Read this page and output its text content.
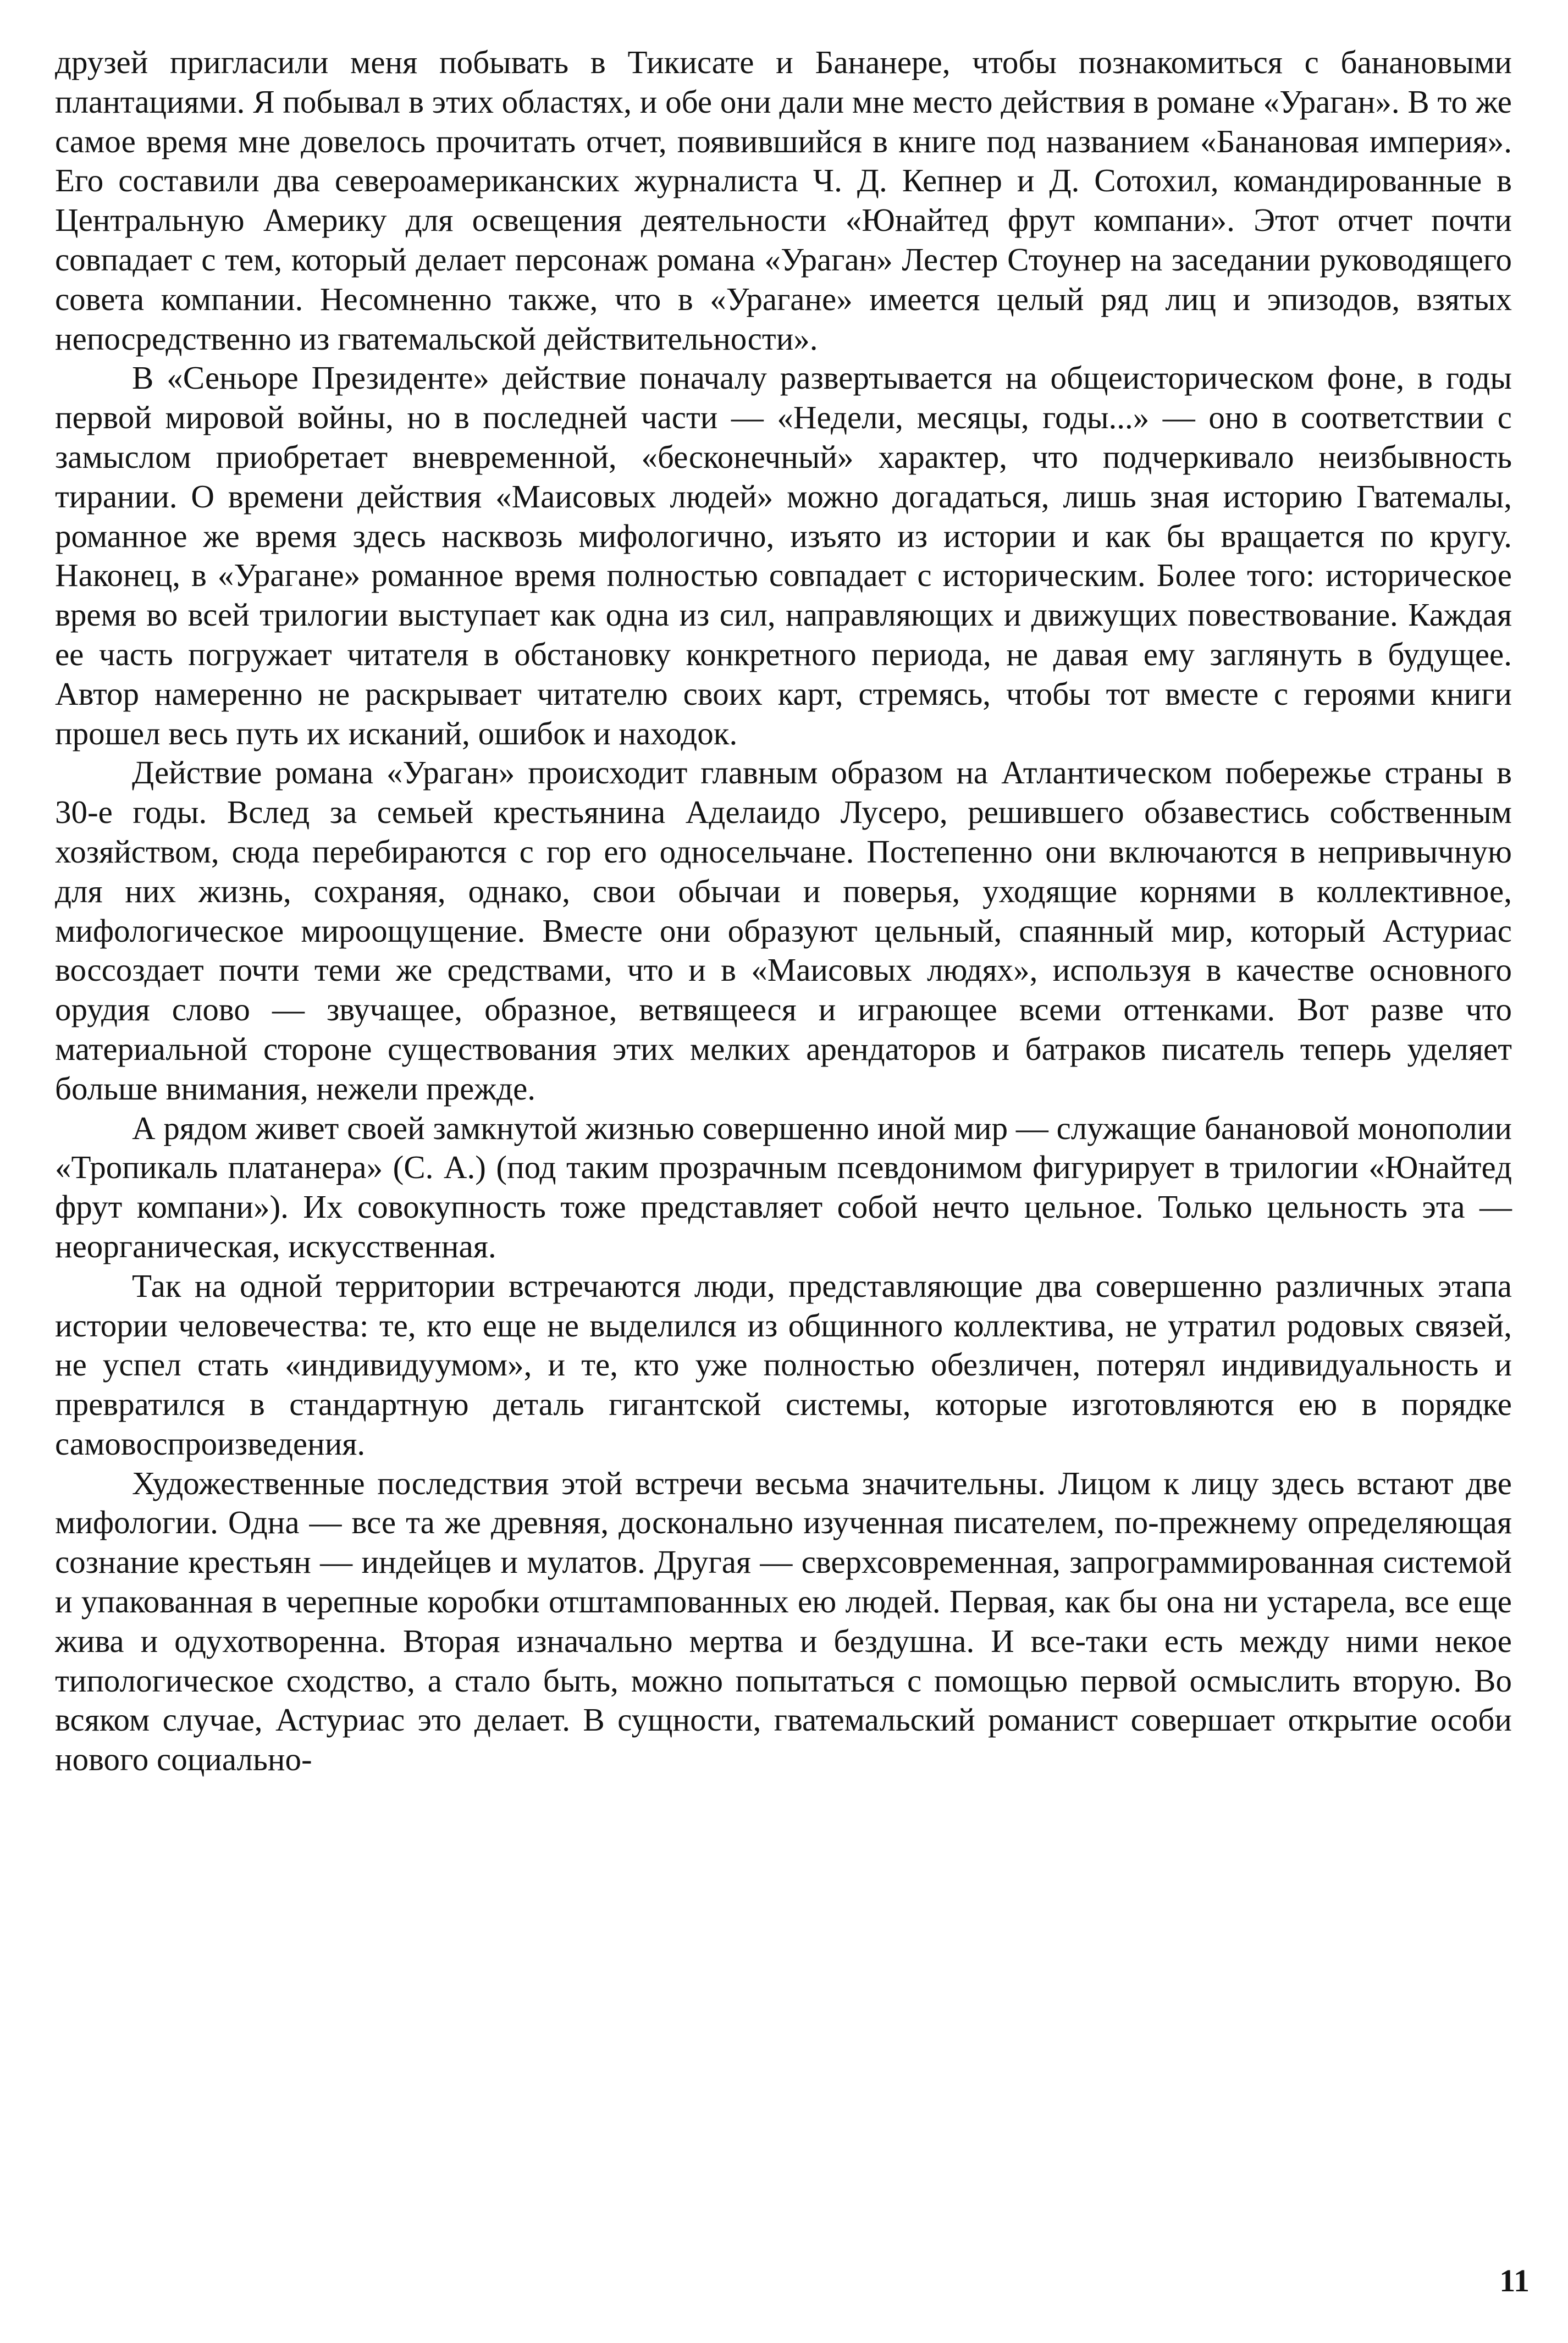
друзей пригласили меня побывать в Тикисате и Бананере, чтобы познакомиться с банановыми плантациями. Я побывал в этих областях, и обе они дали мне место действия в романе «Ураган». В то же самое время мне довелось прочитать отчет, появившийся в книге под названием «Банановая империя». Его составили два североамериканских журналиста Ч. Д. Кепнер и Д. Сотохил, командированные в Центральную Америку для освещения деятельности «Юнайтед фрут компани». Этот отчет почти совпадает с тем, который делает персонаж романа «Ураган» Лестер Стоунер на заседании руководящего совета компании. Несомненно также, что в «Урагане» имеется целый ряд лиц и эпизодов, взятых непосредственно из гватемальской действительности».

В «Сеньоре Президенте» действие поначалу развертывается на общеисторическом фоне, в годы первой мировой войны, но в последней части — «Недели, месяцы, годы...» — оно в соответствии с замыслом приобретает вневременной, «бесконечный» характер, что подчеркивало неизбывность тирании. О времени действия «Маисовых людей» можно догадаться, лишь зная историю Гватемалы, романное же время здесь насквозь мифологично, изъято из истории и как бы вращается по кругу. Наконец, в «Урагане» романное время полностью совпадает с историческим. Более того: историческое время во всей трилогии выступает как одна из сил, направляющих и движущих повествование. Каждая ее часть погружает читателя в обстановку конкретного периода, не давая ему заглянуть в будущее. Автор намеренно не раскрывает читателю своих карт, стремясь, чтобы тот вместе с героями книги прошел весь путь их исканий, ошибок и находок.

Действие романа «Ураган» происходит главным образом на Атлантическом побережье страны в 30-е годы. Вслед за семьей крестьянина Аделаидо Лусеро, решившего обзавестись собственным хозяйством, сюда перебираются с гор его односельчане. Постепенно они включаются в непривычную для них жизнь, сохраняя, однако, свои обычаи и поверья, уходящие корнями в коллективное, мифологическое мироощущение. Вместе они образуют цельный, спаянный мир, который Астуриас воссоздает почти теми же средствами, что и в «Маисовых людях», используя в качестве основного орудия слово — звучащее, образное, ветвящееся и играющее всеми оттенками. Вот разве что материальной стороне существования этих мелких арендаторов и батраков писатель теперь уделяет больше внимания, нежели прежде.

А рядом живет своей замкнутой жизнью совершенно иной мир — служащие банановой монополии «Тропикаль платанера» (С. А.) (под таким прозрачным псевдонимом фигурирует в трилогии «Юнайтед фрут компани»). Их совокупность тоже представляет собой нечто цельное. Только цельность эта — неорганическая, искусственная.

Так на одной территории встречаются люди, представляющие два совершенно различных этапа истории человечества: те, кто еще не выделился из общинного коллектива, не утратил родовых связей, не успел стать «индивидуумом», и те, кто уже полностью обезличен, потерял индивидуальность и превратился в стандартную деталь гигантской системы, которые изготовляются ею в порядке самовоспроизведения.

Художественные последствия этой встречи весьма значительны. Лицом к лицу здесь встают две мифологии. Одна — все та же древняя, досконально изученная писателем, по-прежнему определяющая сознание крестьян — индейцев и мулатов. Другая — сверхсовременная, запрограммированная системой и упакованная в черепные коробки отштампованных ею людей. Первая, как бы она ни устарела, все еще жива и одухотворенна. Вторая изначально мертва и бездушна. И все-таки есть между ними некое типологическое сходство, а стало быть, можно попытаться с помощью первой осмыслить вторую. Во всяком случае, Астуриас это делает. В сущности, гватемальский романист совершает открытие особи нового социально-

11
